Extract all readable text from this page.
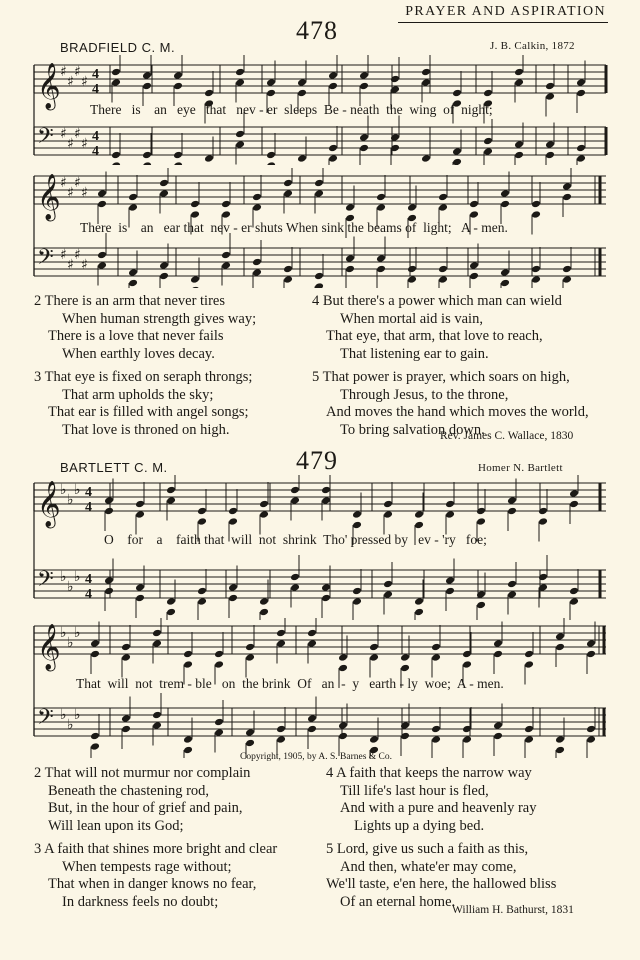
PRAYER AND ASPIRATION
478
BRADFIELD C. M.	J. B. Calkin, 1872
𝄞 ♯
♯
♯
♯ 4
4
𝄢 ♯
♯
♯
♯ 4
4
There   is    an   eye   that   nev - er  sleeps  Be - neath  the  wing  of  night;
𝄞 ♯
♯
♯
♯
𝄢 ♯
♯
♯
♯
There  is    an   ear that  nev - er shuts When sink the beams of  light;   A - men.
2 There is an arm that never tires
When human strength gives way;
There is a love that never fails
When earthly loves decay.
3 That eye is fixed on seraph throngs;
That arm upholds the sky;
That ear is filled with angel songs;
That love is throned on high.
4 But there's a power which man can wield
When mortal aid is vain,
That eye, that arm, that love to reach,
That listening ear to gain.
5 That power is prayer, which soars on high,
Through Jesus, to the throne,
And moves the hand which moves the world,
To bring salvation down.
Rev. James C. Wallace, 1830
479
BARTLETT C. M.	Homer N. Bartlett
𝄞 ♭
♭
♭ 4
4
𝄢 ♭
♭
♭ 4
4
O    for    a    faith that  will  not  shrink  Tho' pressed by   ev - 'ry   foe;
𝄞 ♭
♭
♭
𝄢 ♭
♭
♭
That  will  not  trem - ble   on  the brink  Of   an  -  y   earth - ly  woe;  A - men.
Copyright, 1905, by A. S. Barnes & Co.
2 That will not murmur nor complain
Beneath the chastening rod,
But, in the hour of grief and pain,
Will lean upon its God;
3 A faith that shines more bright and clear
When tempests rage without;
That when in danger knows no fear,
In darkness feels no doubt;
4 A faith that keeps the narrow way
Till life's last hour is fled,
And with a pure and heavenly ray
Lights up a dying bed.
5 Lord, give us such a faith as this,
And then, whate'er may come,
We'll taste, e'en here, the hallowed bliss
Of an eternal home.
William H. Bathurst, 1831
